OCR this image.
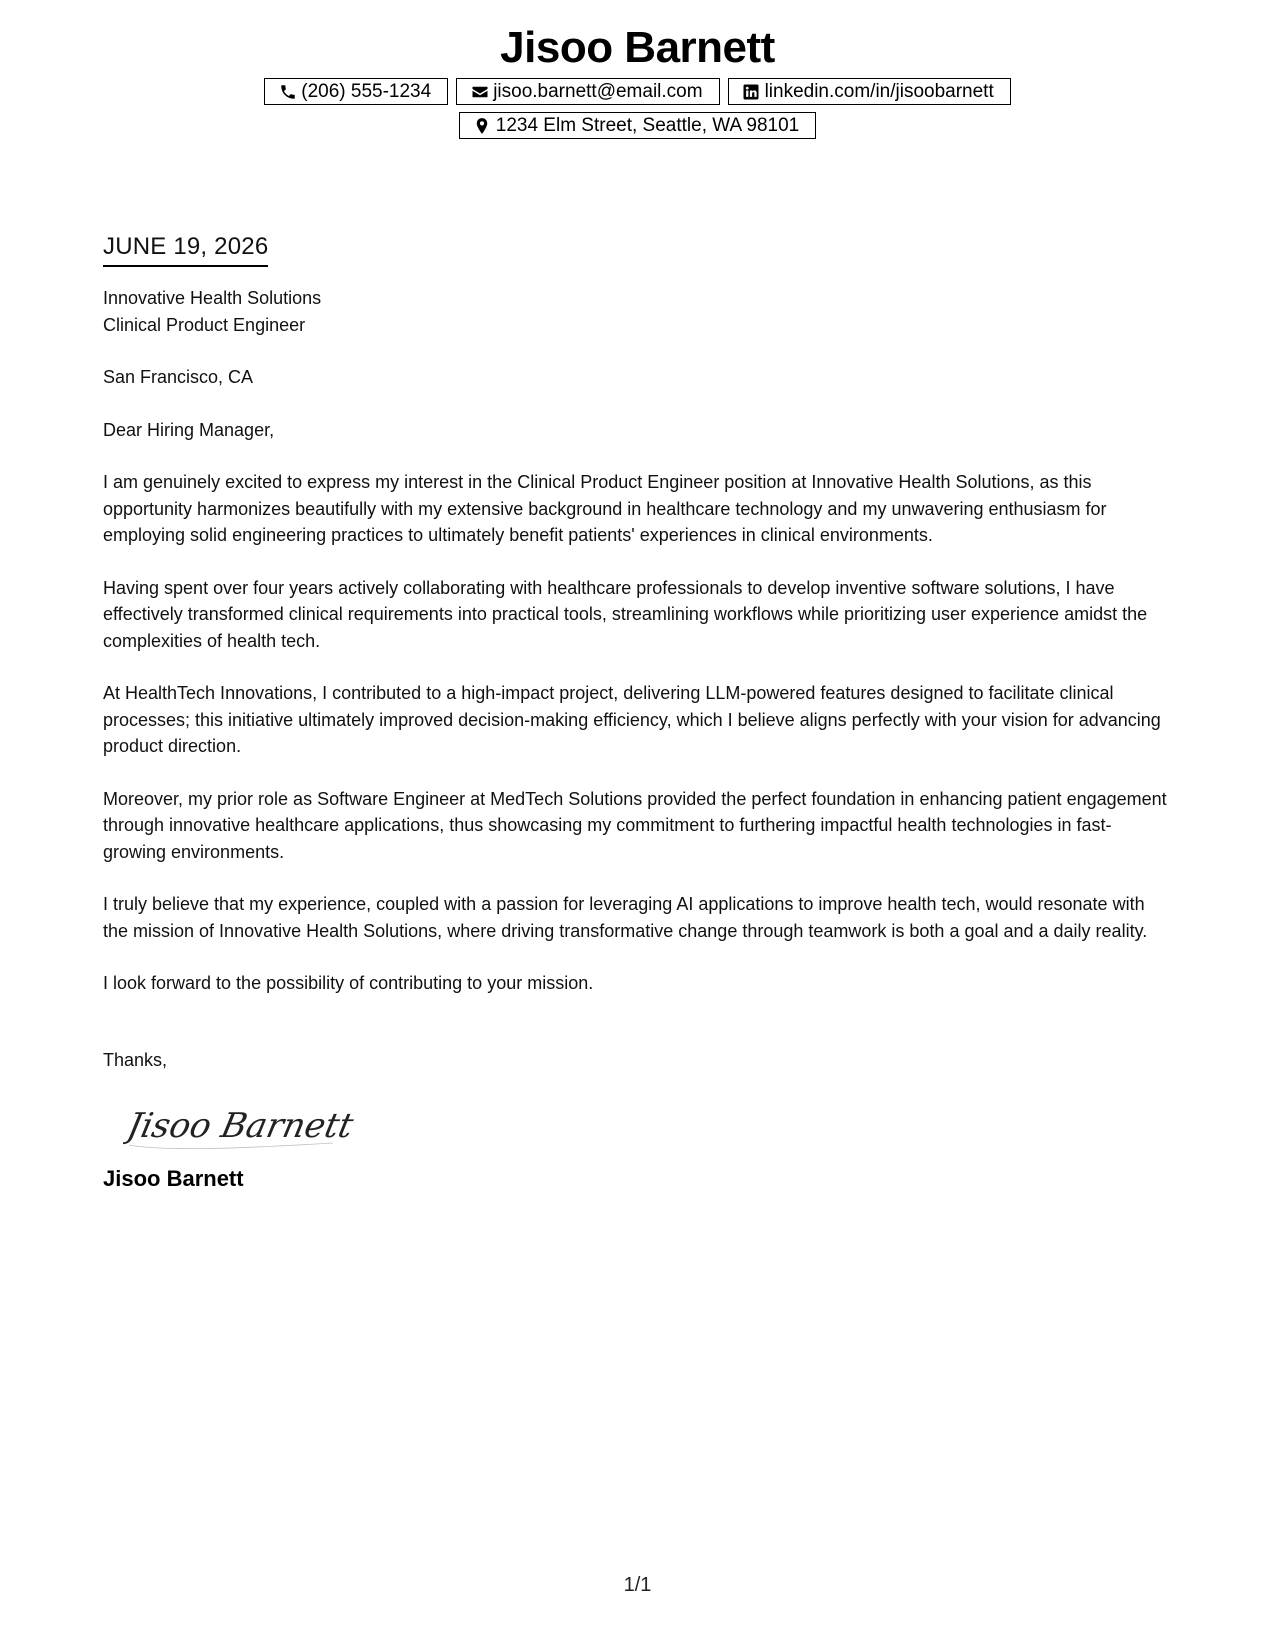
Jisoo Barnett
(206) 555-1234	jisoo.barnett@email.com	linkedin.com/in/jisoobarnett
1234 Elm Street, Seattle, WA 98101
JUNE 19, 2026
Innovative Health Solutions
Clinical Product Engineer
San Francisco, CA
Dear Hiring Manager,

I am genuinely excited to express my interest in the Clinical Product Engineer position at Innovative Health Solutions, as this opportunity harmonizes beautifully with my extensive background in healthcare technology and my unwavering enthusiasm for employing solid engineering practices to ultimately benefit patients' experiences in clinical environments.

Having spent over four years actively collaborating with healthcare professionals to develop inventive software solutions, I have effectively transformed clinical requirements into practical tools, streamlining workflows while prioritizing user experience amidst the complexities of health tech.

At HealthTech Innovations, I contributed to a high-impact project, delivering LLM-powered features designed to facilitate clinical processes; this initiative ultimately improved decision-making efficiency, which I believe aligns perfectly with your vision for advancing product direction.

Moreover, my prior role as Software Engineer at MedTech Solutions provided the perfect foundation in enhancing patient engagement through innovative healthcare applications, thus showcasing my commitment to furthering impactful health technologies in fast-growing environments.

I truly believe that my experience, coupled with a passion for leveraging AI applications to improve health tech, would resonate with the mission of Innovative Health Solutions, where driving transformative change through teamwork is both a goal and a daily reality.

I look forward to the possibility of contributing to your mission.

Thanks,
Jisoo Barnett
Jisoo Barnett
1/1
